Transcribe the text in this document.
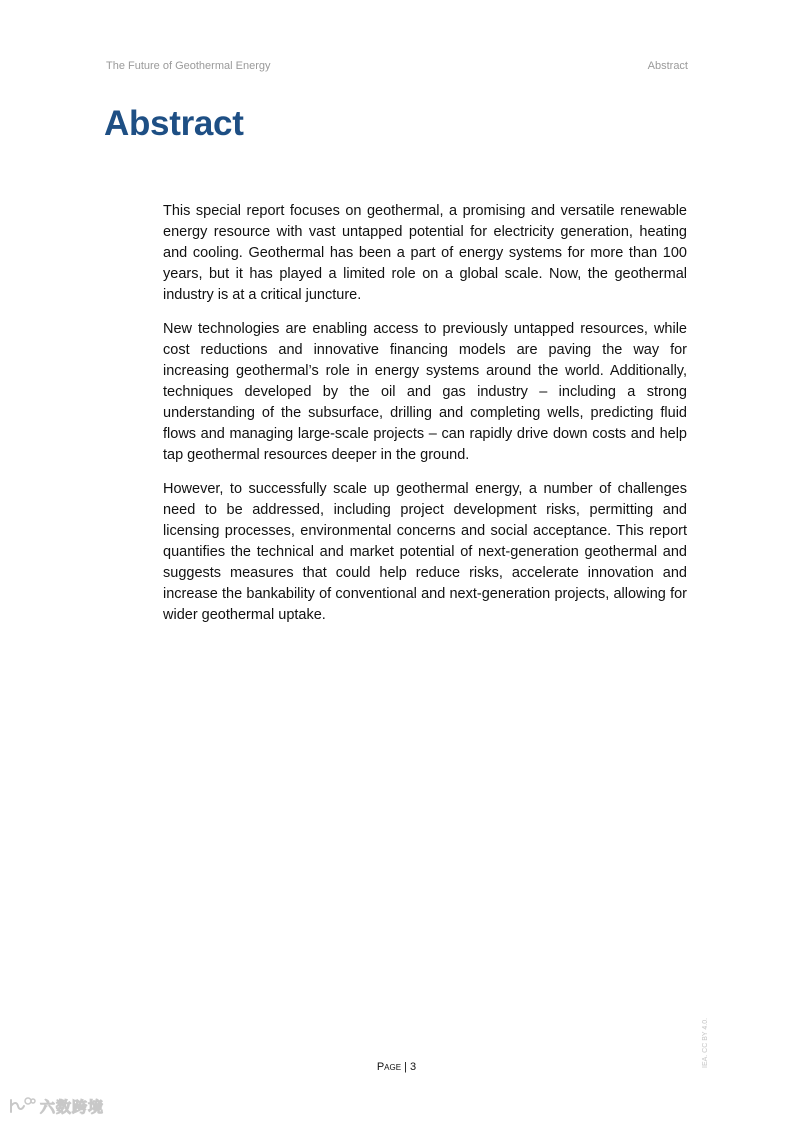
The Future of Geothermal Energy	Abstract
Abstract

This special report focuses on geothermal, a promising and versatile renewable energy resource with vast untapped potential for electricity generation, heating and cooling. Geothermal has been a part of energy systems for more than 100 years, but it has played a limited role on a global scale. Now, the geothermal industry is at a critical juncture.

New technologies are enabling access to previously untapped resources, while cost reductions and innovative financing models are paving the way for increasing geothermal’s role in energy systems around the world. Additionally, techniques developed by the oil and gas industry – including a strong understanding of the subsurface, drilling and completing wells, predicting fluid flows and managing large-scale projects – can rapidly drive down costs and help tap geothermal resources deeper in the ground.

However, to successfully scale up geothermal energy, a number of challenges need to be addressed, including project development risks, permitting and licensing processes, environmental concerns and social acceptance. This report quantifies the technical and market potential of next-generation geothermal and suggests measures that could help reduce risks, accelerate innovation and increase the bankability of conventional and next-generation projects, allowing for wider geothermal uptake.

IEA. CC BY 4.0.
Page | 3
六数跨境
